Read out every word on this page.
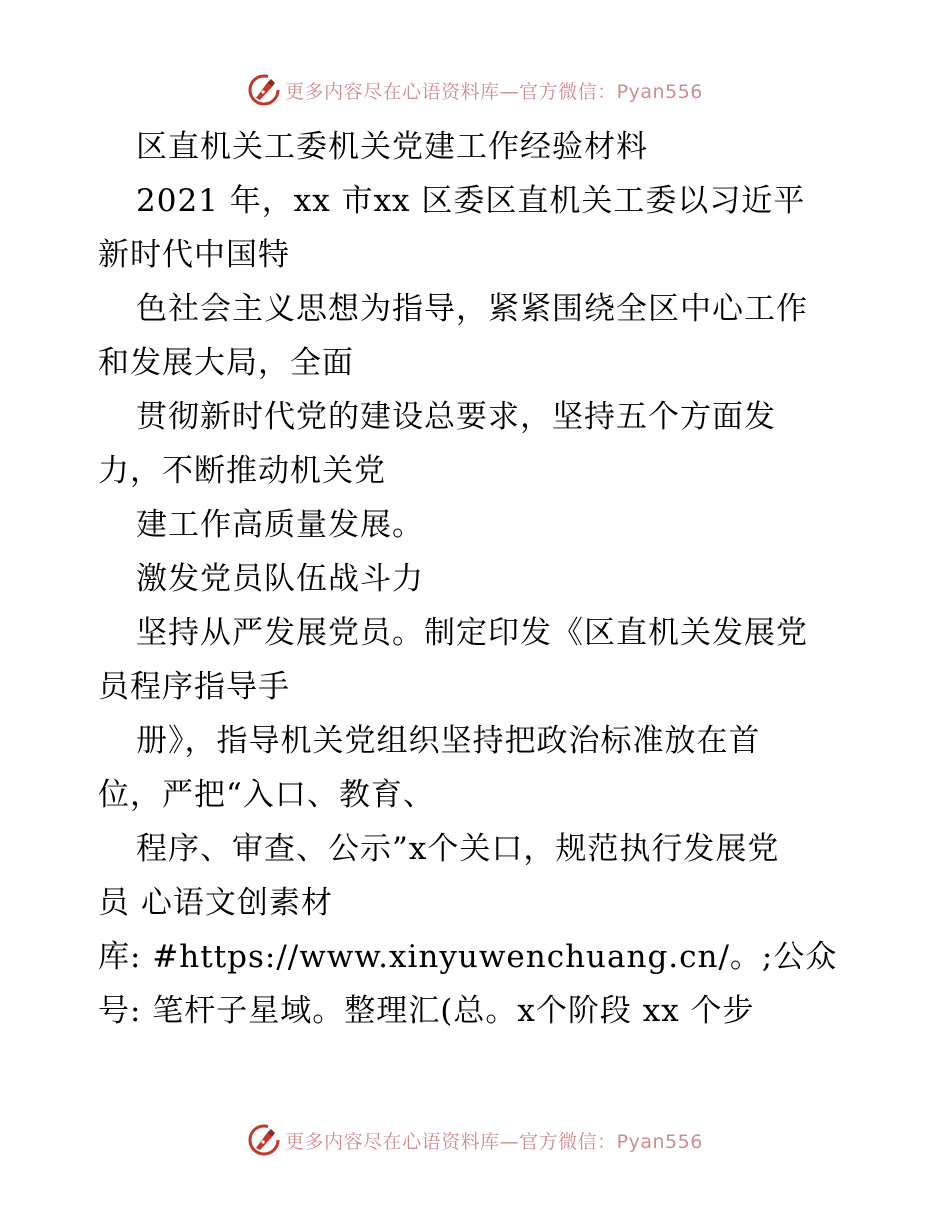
更多内容尽在心语资料库—官方微信：Pyan556
区直机关工委机关党建工作经验材料
2021 年，xx 市xx 区委区直机关工委以习近平
新时代中国特
色社会主义思想为指导，紧紧围绕全区中心工作
和发展大局，全面
贯彻新时代党的建设总要求，坚持五个方面发
力，不断推动机关党
建工作高质量发展。
激发党员队伍战斗力
坚持从严发展党员。制定印发《区直机关发展党
员程序指导手
册》，指导机关党组织坚持把政治标准放在首
位，严把“入口、教育、
程序、审查、公示”x个关口，规范执行发展党
员 心语文创素材
库: #https://www.xinyuwenchuang.cn/。;公众
号: 笔杆子星域。整理汇(总。x个阶段 xx 个步
更多内容尽在心语资料库—官方微信：Pyan556
